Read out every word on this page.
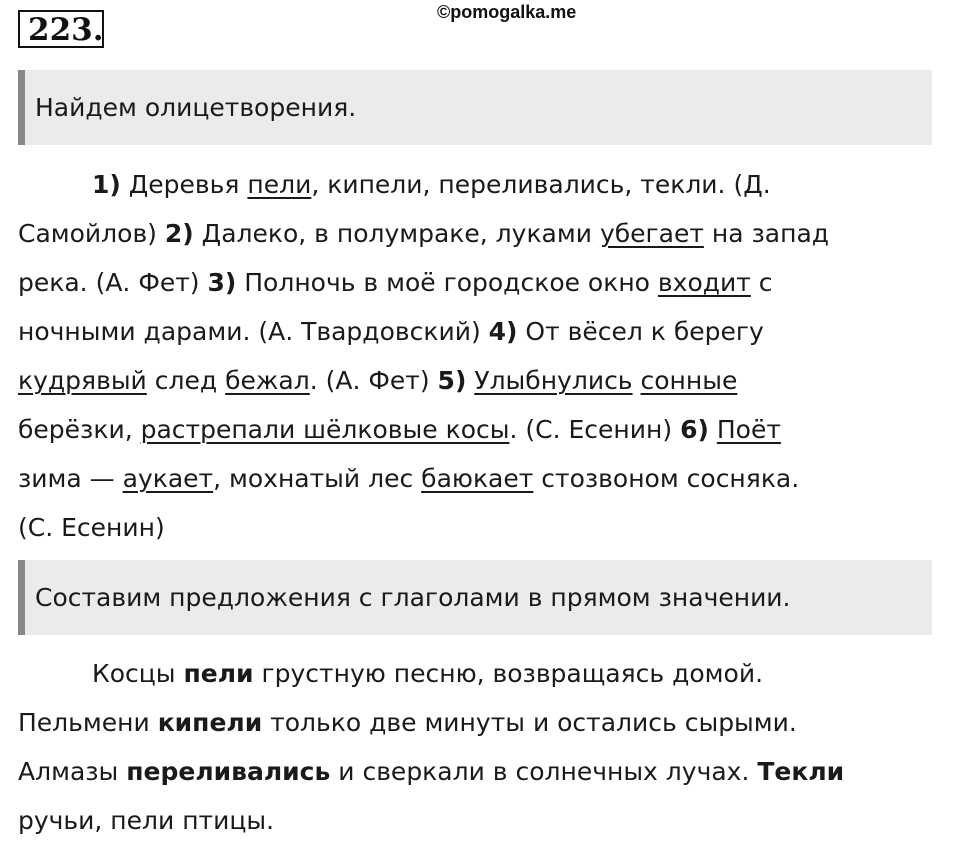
223.	©pomogalka.me
Найдем олицетворения.
1) Деревья пели, кипели, переливались, текли. (Д.
Самойлов) 2) Далеко, в полумраке, луками убегает на запад
река. (А. Фет) 3) Полночь в моё городское окно входит с
ночными дарами. (А. Твардовский) 4) От вёсел к берегу
кудрявый след бежал. (А. Фет) 5) Улыбнулись сонные
берёзки, растрепали шёлковые косы. (С. Есенин) 6) Поёт
зима — аукает, мохнатый лес баюкает стозвоном сосняка.
(С. Есенин)
Составим предложения с глаголами в прямом значении.
Косцы пели грустную песню, возвращаясь домой.
Пельмени кипели только две минуты и остались сырыми.
Алмазы переливались и сверкали в солнечных лучах. Текли
ручьи, пели птицы.
